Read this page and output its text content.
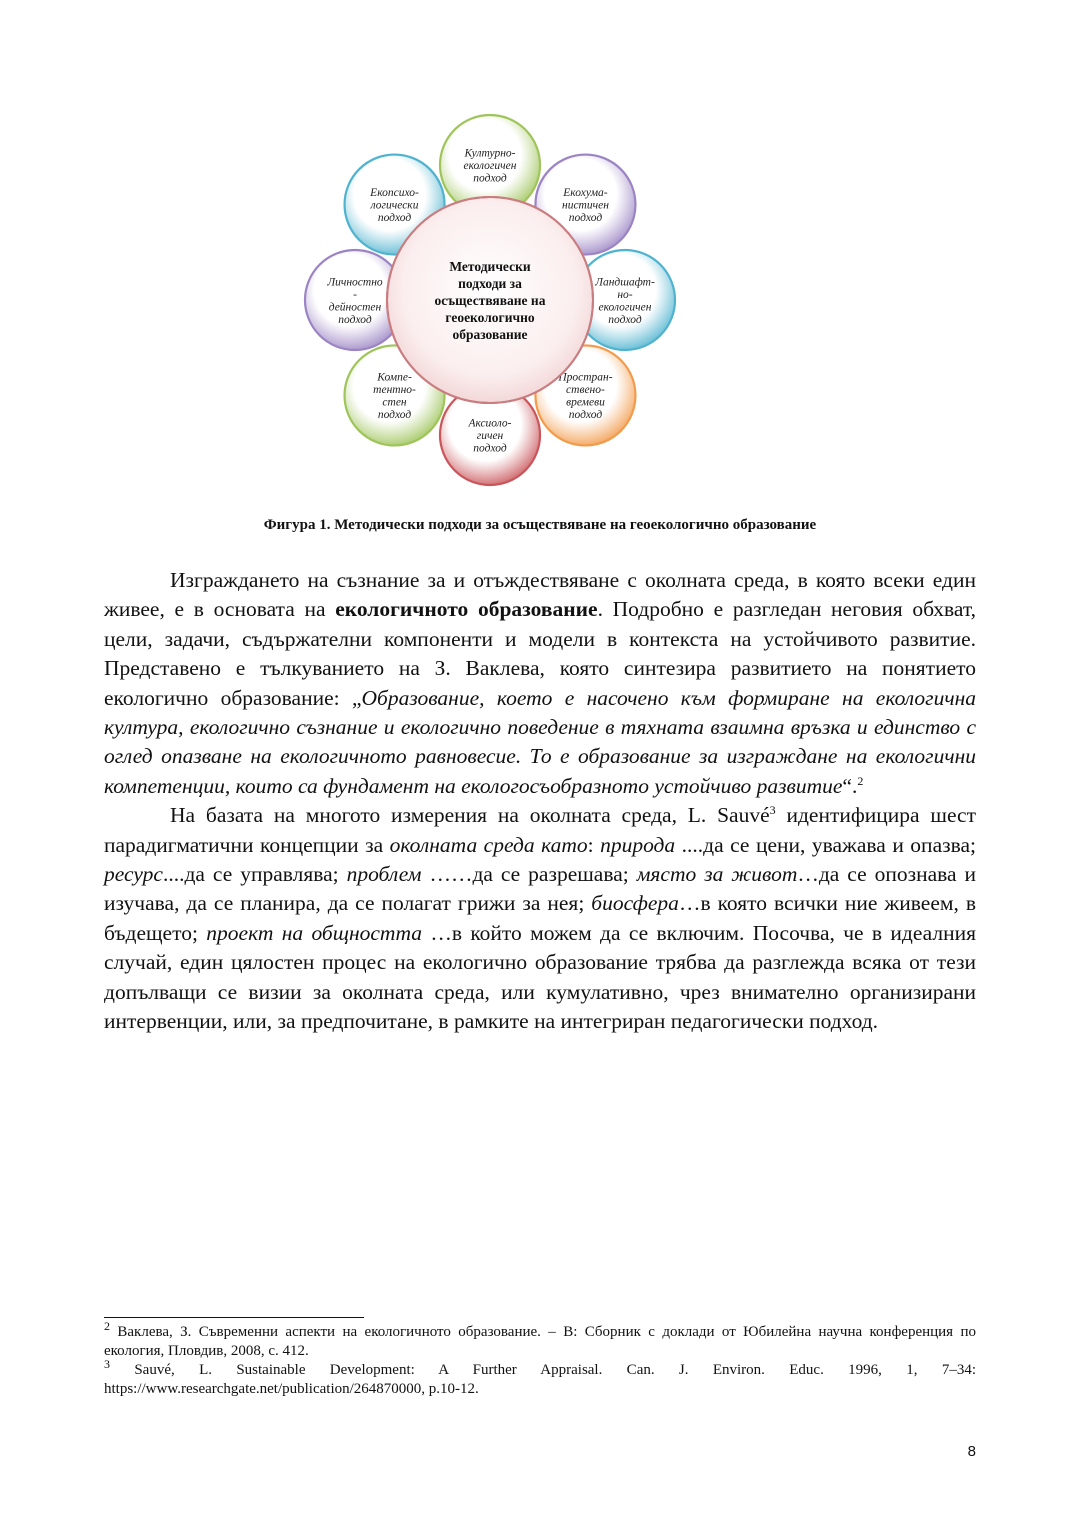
Културно-
екологичен
подход
Екохума-
нистичен
подход
Ландшафт-
но-
екологичен
подход
Простран-
ствено-
времеви
подход
Аксиоло-
гичен
подход
Компе-
тентно-
стен
подход
Личностно
-
дейностен
подход
Екопсихо-
логически
подход
Методически
подходи за
осъществяване на
геоекологично
образование
Фигура 1. Методически подходи за осъществяване на геоекологично образование

Изграждането на съзнание за и отъждествяване с околната среда, в която всеки един живее, е в основата на екологичното образование. Подробно е разгледан неговия обхват, цели, задачи, съдържателни компоненти и модели в контекста на устойчивото развитие. Представено е тълкуванието на З. Ваклева, която синтезира развитието на понятието екологично образование: „Образование, което е насочено към формиране на екологична култура, екологично съзнание и екологично поведение в тяхната взаимна връзка и единство с оглед опазване на екологичното равновесие. То е образование за изграждане на екологични компетенции, които са фундамент на екологосъобразното устойчиво развитие“.$^2$

На базата на многото измерения на околната среда, L. Sauvé$^3$ идентифицира шест парадигматични концепции за околната среда като: природа ....да се цени, уважава и опазва; ресурс....да се управлява; проблем ……да се разрешава; място за живот…да се опознава и изучава, да се планира, да се полагат грижи за нея; биосфера…в която всички ние живеем, в бъдещето; проект на общността …в който можем да се включим. Посочва, че в идеалния случай, един цялостен процес на екологично образование трябва да разглежда всяка от тези допълващи се визии за околната среда, или кумулативно, чрез внимателно организирани интервенции, или, за предпочитане, в рамките на интегриран педагогически подход.

$^2$ Ваклева, З. Съвременни аспекти на екологичното образование. – В: Сборник с доклади от Юбилейна научна конференция по екология, Пловдив, 2008, с. 412.

$^3$ Sauvé, L. Sustainable Development: A Further Appraisal. Can. J. Environ. Educ. 1996, 1, 7–34: https://www.researchgate.net/publication/264870000, p.10-12.

8
